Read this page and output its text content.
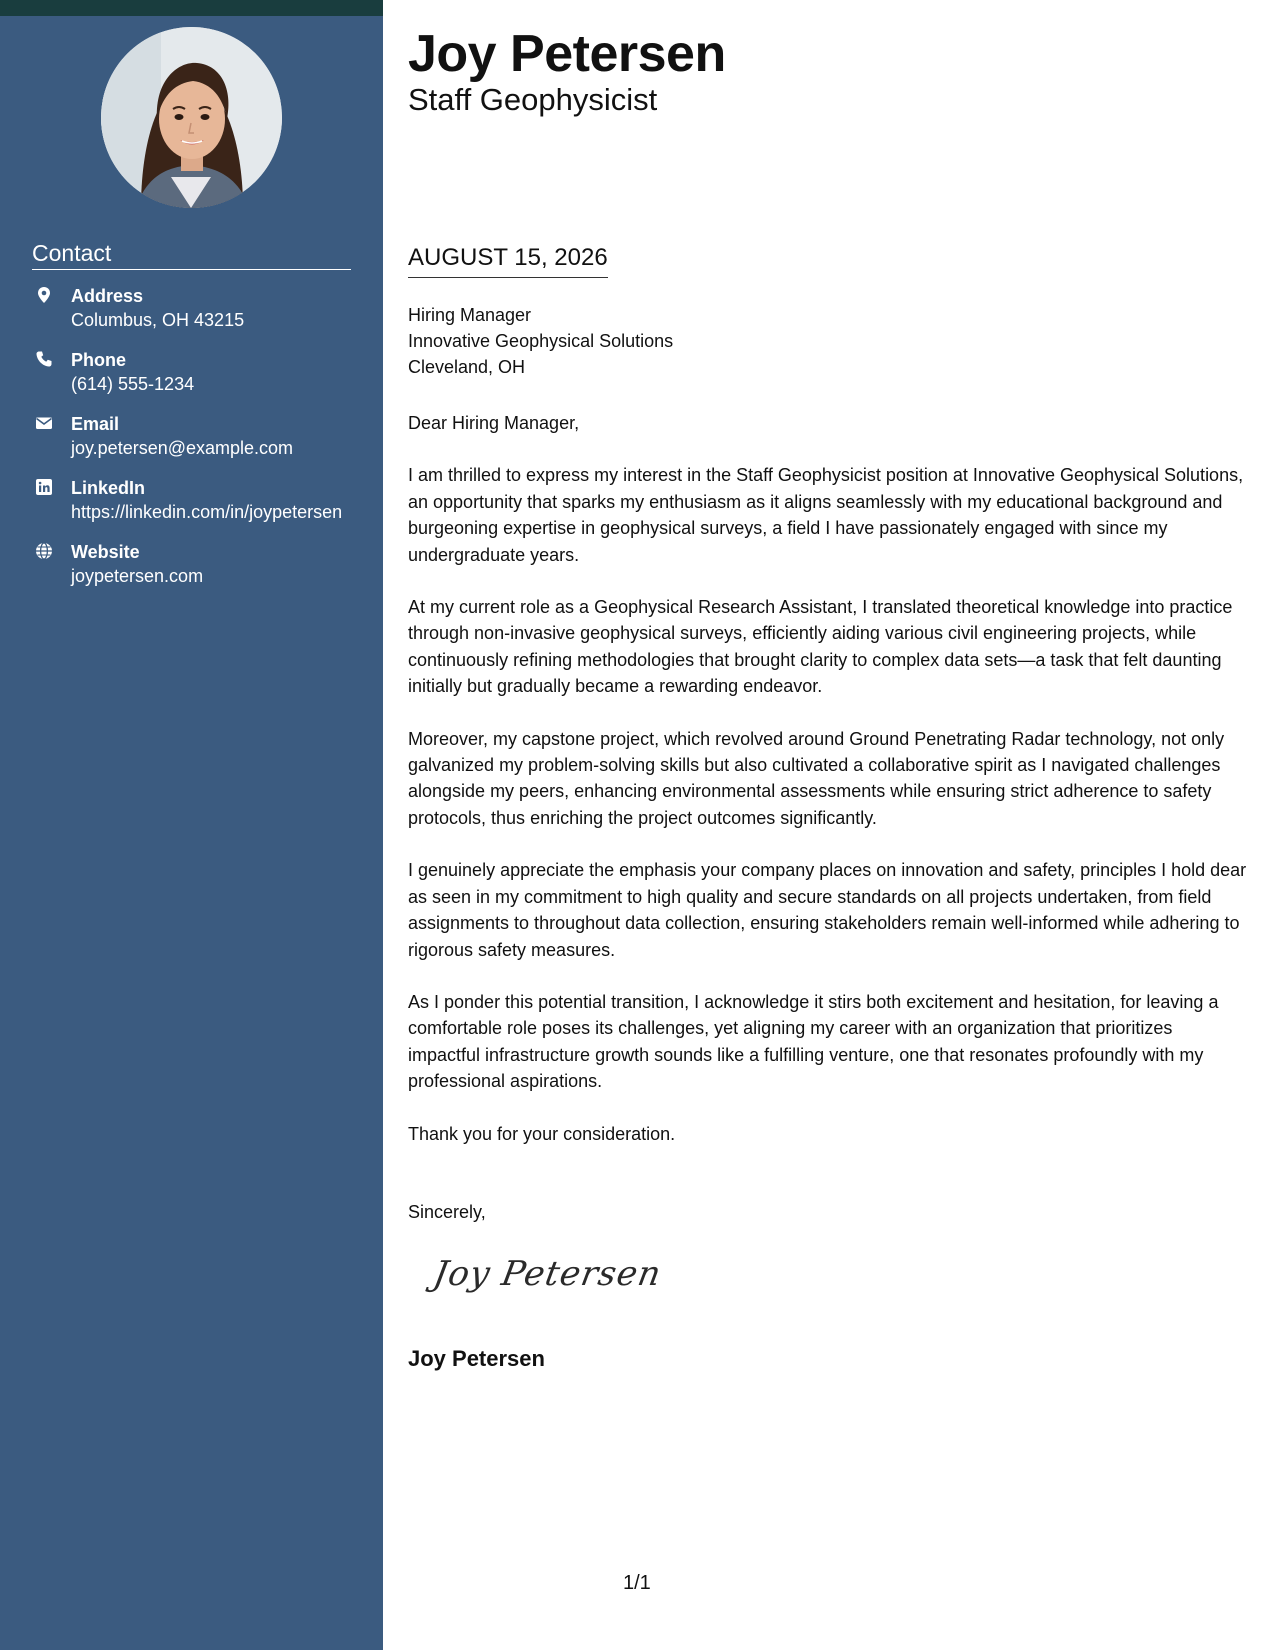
Contact
Address
Columbus, OH 43215
Phone
(614) 555-1234
Email
joy.petersen@example.com
LinkedIn
https://linkedin.com/in/joypetersen
Website
joypetersen.com
Joy Petersen
Staff Geophysicist
AUGUST 15, 2026
Hiring Manager
Innovative Geophysical Solutions
Cleveland, OH

Dear Hiring Manager,

I am thrilled to express my interest in the Staff Geophysicist position at Innovative Geophysical Solutions, an opportunity that sparks my enthusiasm as it aligns seamlessly with my educational background and burgeoning expertise in geophysical surveys, a field I have passionately engaged with since my undergraduate years.

At my current role as a Geophysical Research Assistant, I translated theoretical knowledge into practice through non-invasive geophysical surveys, efficiently aiding various civil engineering projects, while continuously refining methodologies that brought clarity to complex data sets—a task that felt daunting initially but gradually became a rewarding endeavor.

Moreover, my capstone project, which revolved around Ground Penetrating Radar technology, not only galvanized my problem-solving skills but also cultivated a collaborative spirit as I navigated challenges alongside my peers, enhancing environmental assessments while ensuring strict adherence to safety protocols, thus enriching the project outcomes significantly.

I genuinely appreciate the emphasis your company places on innovation and safety, principles I hold dear as seen in my commitment to high quality and secure standards on all projects undertaken, from field assignments to throughout data collection, ensuring stakeholders remain well-informed while adhering to rigorous safety measures.

As I ponder this potential transition, I acknowledge it stirs both excitement and hesitation, for leaving a comfortable role poses its challenges, yet aligning my career with an organization that prioritizes impactful infrastructure growth sounds like a fulfilling venture, one that resonates profoundly with my professional aspirations.

Thank you for your consideration.

Sincerely,
Joy Petersen
Joy Petersen
1/1
